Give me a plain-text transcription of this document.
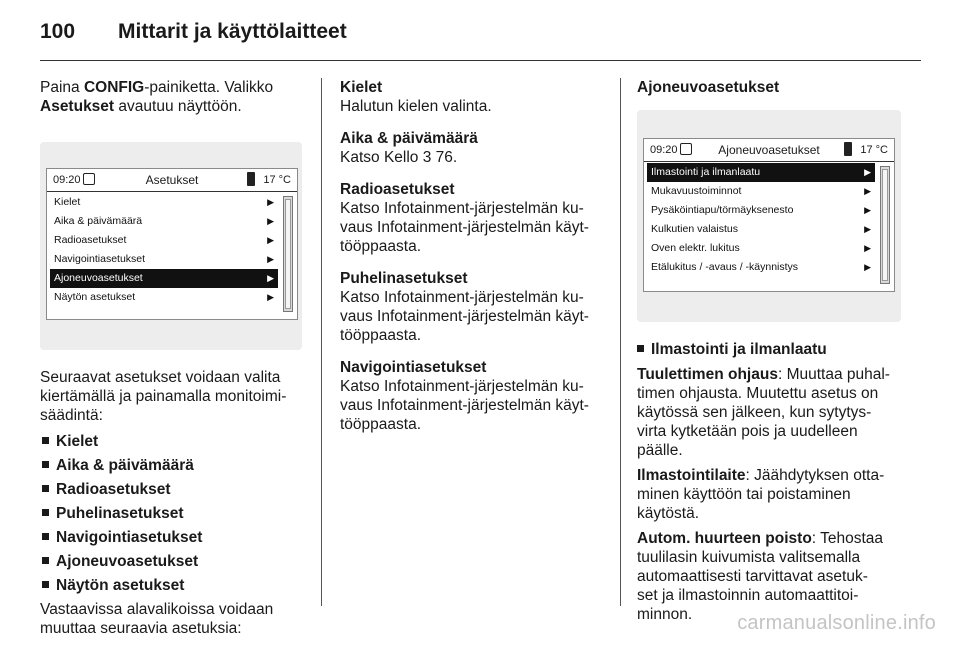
100 Mittarit ja käyttölaitteet

Paina CONFIG-painiketta. Valikko
Asetukset avautuu näyttöön.

09:20	Asetukset	17 °C
Kielet	▶
Aika & päivämäärä	▶
Radioasetukset	▶
Navigointiasetukset	▶
Ajoneuvoasetukset	▶
Näytön asetukset	▶

Seuraavat asetukset voidaan valita kiertämällä ja painamalla monitoimisäädintä:

Kielet
Aika & päivämäärä
Radioasetukset
Puhelinasetukset
Navigointiasetukset
Ajoneuvoasetukset
Näytön asetukset

Vastaavissa alavalikoissa voidaan muuttaa seuraavia asetuksia:

Kielet
Halutun kielen valinta.

Aika & päivämäärä
Katso Kello 3 76.

Radioasetukset
Katso Infotainment-järjestelmän ku-
vaus Infotainment-järjestelmän käyt-
tööppaasta.

Puhelinasetukset
Katso Infotainment-järjestelmän ku-
vaus Infotainment-järjestelmän käyt-
tööppaasta.

Navigointiasetukset
Katso Infotainment-järjestelmän ku-
vaus Infotainment-järjestelmän käyt-
tööppaasta.

Ajoneuvoasetukset

09:20	Ajoneuvoasetukset	17 °C
Ilmastointi ja ilmanlaatu	▶
Mukavuustoiminnot	▶
Pysäköintiapu/törmäyksenesto	▶
Kulkutien valaistus	▶
Oven elektr. lukitus	▶
Etälukitus / -avaus / -käynnistys	▶
Ilmastointi ja ilmanlaatu

Tuulettimen ohjaus: Muuttaa puhal-
timen ohjausta. Muutettu asetus on
käytössä sen jälkeen, kun sytytys-
virta kytketään pois ja uudelleen
päälle.

Ilmastointilaite: Jäähdytyksen otta-
minen käyttöön tai poistaminen
käytöstä.

Autom. huurteen poisto: Tehostaa
tuulilasin kuivumista valitsemalla
automaattisesti tarvittavat asetuk-
set ja ilmastoinnin automaattitoi-
minnon.	carmanualsonline.info
